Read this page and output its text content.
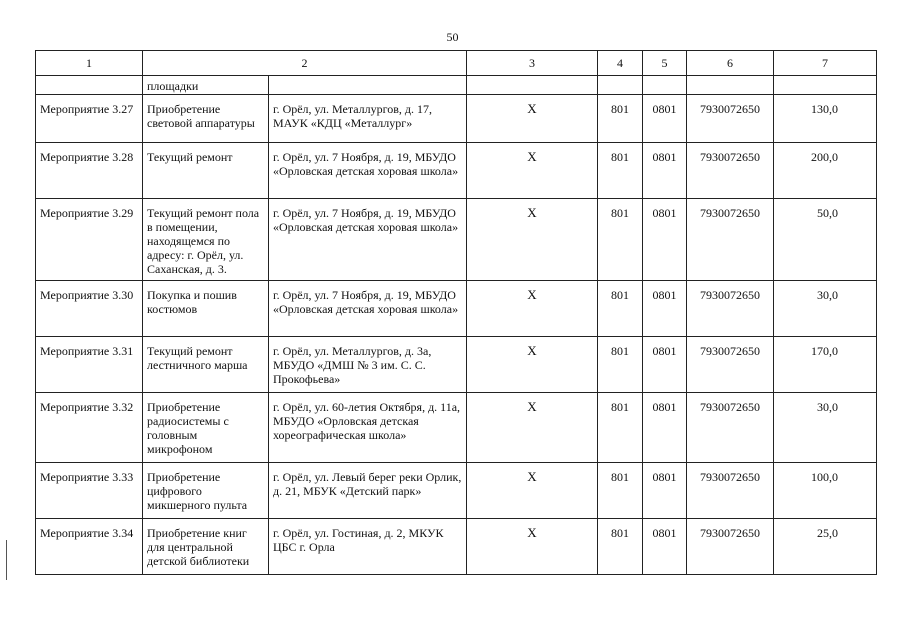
50
1	2		3	4	5	6	7
	площадки						
Мероприятие 3.27	Приобретение световой аппаратуры	г. Орёл, ул. Металлургов, д. 17, МАУК «КДЦ «Металлург»	X	801	0801	7930072650	130,0
Мероприятие 3.28	Текущий ремонт	г. Орёл, ул. 7 Ноября, д. 19, МБУДО «Орловская детская хоровая школа»	X	801	0801	7930072650	200,0
Мероприятие 3.29	Текущий ремонт пола в помещении, находящемся по адресу: г. Орёл, ул. Саханская, д. 3.	г. Орёл, ул. 7 Ноября, д. 19, МБУДО «Орловская детская хоровая школа»	X	801	0801	7930072650	50,0
Мероприятие 3.30	Покупка и пошив костюмов	г. Орёл, ул. 7 Ноября, д. 19, МБУДО «Орловская детская хоровая школа»	X	801	0801	7930072650	30,0
Мероприятие 3.31	Текущий ремонт лестничного марша	г. Орёл, ул. Металлургов, д. 3а, МБУДО «ДМШ № 3 им. С. С. Прокофьева»	X	801	0801	7930072650	170,0
Мероприятие 3.32	Приобретение радиосистемы с головным микрофоном	г. Орёл, ул. 60-летия Октября, д. 11а, МБУДО «Орловская детская хореографическая школа»	X	801	0801	7930072650	30,0
Мероприятие 3.33	Приобретение цифрового микшерного пульта	г. Орёл, ул. Левый берег реки Орлик, д. 21, МБУК «Детский парк»	X	801	0801	7930072650	100,0
Мероприятие 3.34	Приобретение книг для центральной детской библиотеки	г. Орёл, ул. Гостиная, д. 2, МКУК ЦБС г. Орла	X	801	0801	7930072650	25,0
